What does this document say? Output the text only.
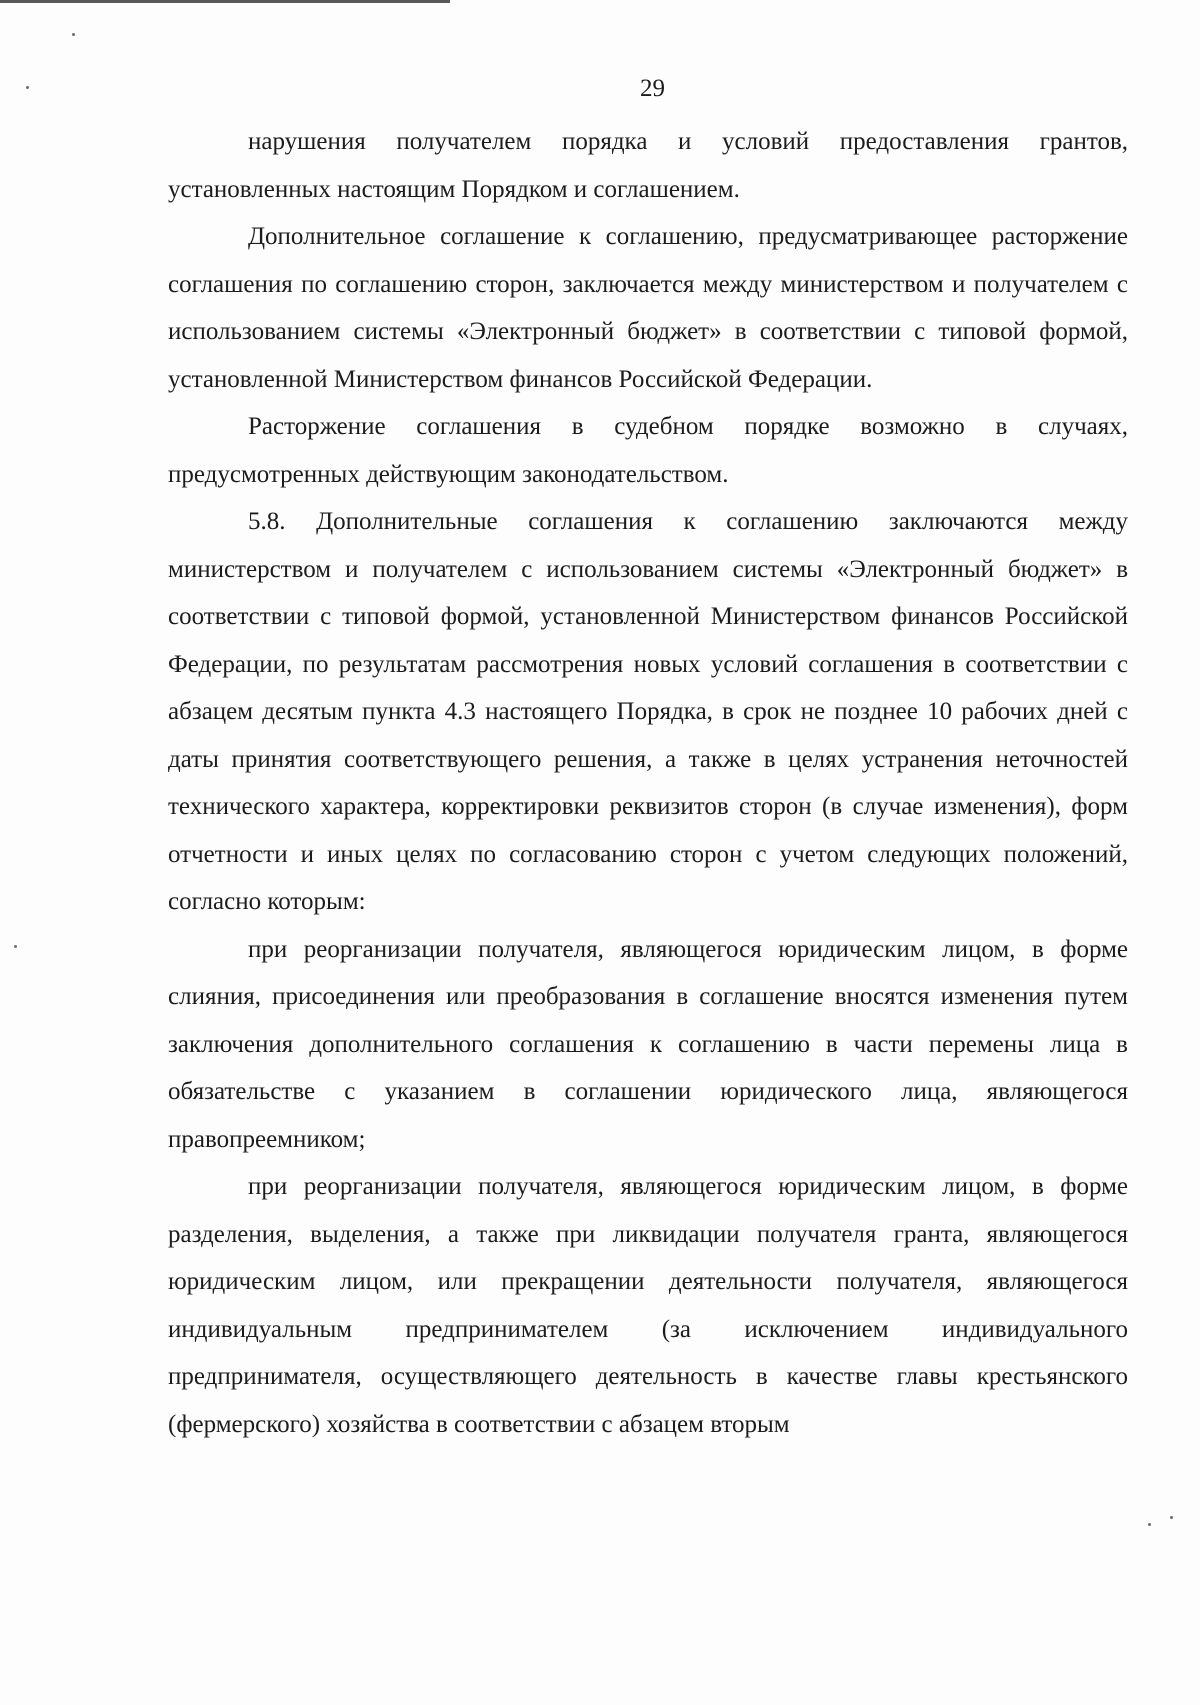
29

нарушения получателем порядка и условий предоставления грантов, установленных настоящим Порядком и соглашением.

Дополнительное соглашение к соглашению, предусматривающее расторжение соглашения по соглашению сторон, заключается между министерством и получателем с использованием системы «Электронный бюджет» в соответствии с типовой формой, установленной Министерством финансов Российской Федерации.

Расторжение соглашения в судебном порядке возможно в случаях, предусмотренных действующим законодательством.

5.8. Дополнительные соглашения к соглашению заключаются между министерством и получателем с использованием системы «Электронный бюджет» в соответствии с типовой формой, установленной Министерством финансов Российской Федерации, по результатам рассмотрения новых условий соглашения в соответствии с абзацем десятым пункта 4.3 настоящего Порядка, в срок не позднее 10 рабочих дней с даты принятия соответствующего решения, а также в целях устранения неточностей технического характера, корректировки реквизитов сторон (в случае изменения), форм отчетности и иных целях по согласованию сторон с учетом следующих положений, согласно которым:

при реорганизации получателя, являющегося юридическим лицом, в форме слияния, присоединения или преобразования в соглашение вносятся изменения путем заключения дополнительного соглашения к соглашению в части перемены лица в обязательстве с указанием в соглашении юридического лица, являющегося правопреемником;

при реорганизации получателя, являющегося юридическим лицом, в форме разделения, выделения, а также при ликвидации получателя гранта, являющегося юридическим лицом, или прекращении деятельности получателя, являющегося индивидуальным предпринимателем (за исключением индивидуального предпринимателя, осуществляющего деятельность в качестве главы крестьянского (фермерского) хозяйства в соответствии с абзацем вторым
